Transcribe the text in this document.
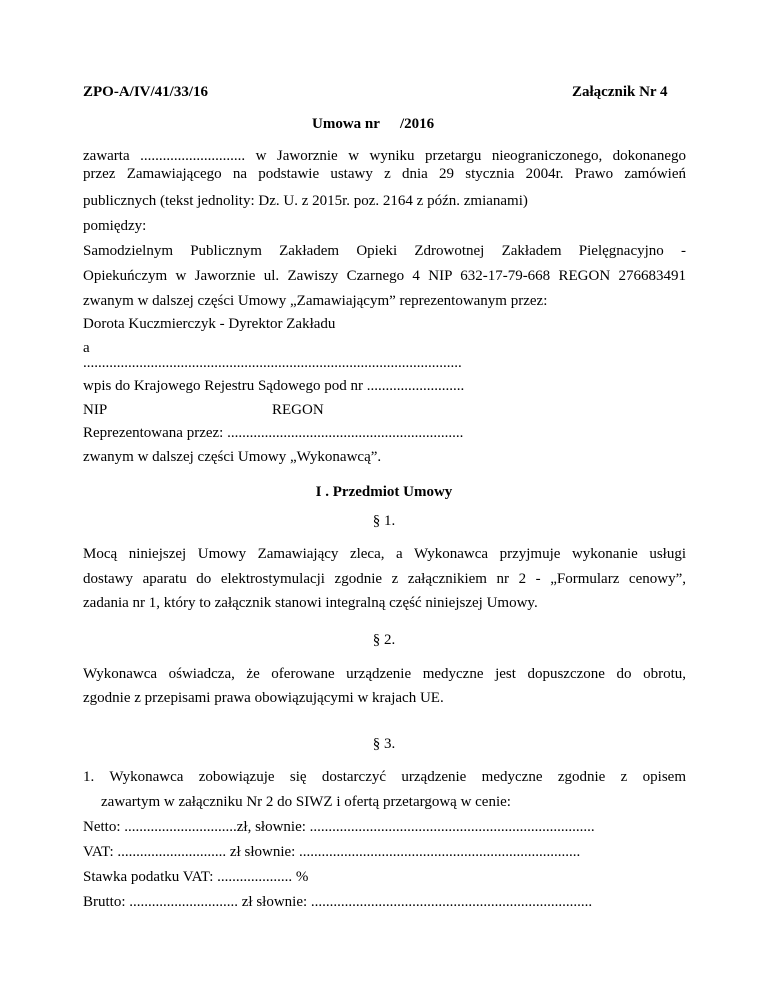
ZPO-A/IV/41/33/16	Załącznik Nr 4
Umowa nr /2016
zawarta ............................ w Jaworznie w wyniku przetargu nieograniczonego, dokonanego
przez Zamawiającego na podstawie ustawy z dnia 29 stycznia 2004r. Prawo zamówień
publicznych (tekst jednolity: Dz. U. z 2015r. poz. 2164 z późn. zmianami)
pomiędzy:
Samodzielnym Publicznym Zakładem Opieki Zdrowotnej Zakładem Pielęgnacyjno -
Opiekuńczym w Jaworznie ul. Zawiszy Czarnego 4 NIP 632-17-79-668 REGON 276683491
zwanym w dalszej części Umowy „Zamawiającym” reprezentowanym przez:
Dorota Kuczmierczyk - Dyrektor Zakładu
a
.....................................................................................................
wpis do Krajowego Rejestru Sądowego pod nr ..........................
NIP	REGON
Reprezentowana przez: ...............................................................
zwanym w dalszej części Umowy „Wykonawcą”.
I . Przedmiot Umowy
§ 1.
Mocą niniejszej Umowy Zamawiający zleca, a Wykonawca przyjmuje wykonanie usługi
dostawy aparatu do elektrostymulacji zgodnie z załącznikiem nr 2 - „Formularz cenowy”,
zadania nr 1, który to załącznik stanowi integralną część niniejszej Umowy.
§ 2.
Wykonawca oświadcza, że oferowane urządzenie medyczne jest dopuszczone do obrotu,
zgodnie z przepisami prawa obowiązującymi w krajach UE.
§ 3.
1. Wykonawca zobowiązuje się dostarczyć urządzenie medyczne zgodnie z opisem
zawartym w załączniku Nr 2 do SIWZ i ofertą przetargową w cenie:
Netto: ..............................zł, słownie: ............................................................................
VAT: ............................. zł słownie: ...........................................................................
Stawka podatku VAT: .................... %
Brutto: ............................. zł słownie: ...........................................................................
